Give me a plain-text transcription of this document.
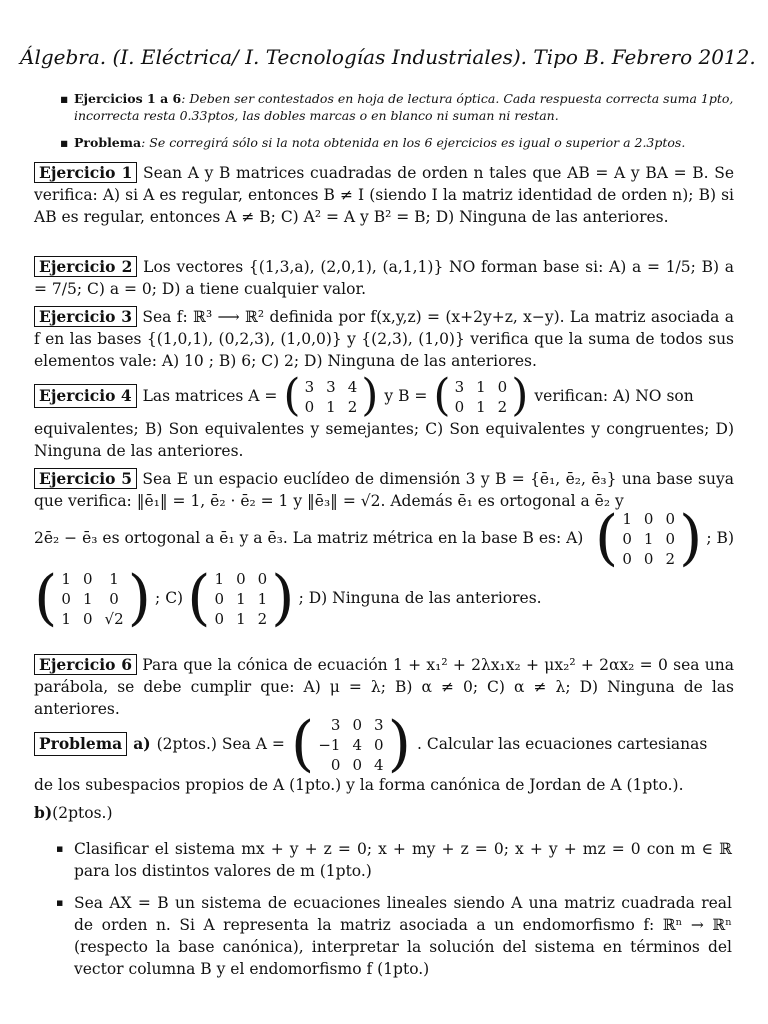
Álgebra. (I. Eléctrica/ I. Tecnologías Industriales). Tipo B. Febrero 2012.
▪ Ejercicios 1 a 6: Deben ser contestados en hoja de lectura óptica. Cada respuesta correcta suma 1pto, incorrecta resta 0.33ptos, las dobles marcas o en blanco ni suman ni restan.
▪ Problema: Se corregirá sólo si la nota obtenida en los 6 ejercicios es igual o superior a 2.3ptos.
Ejercicio 1 Sean A y B matrices cuadradas de orden n tales que AB = A y BA = B. Se verifica: A) si A es regular, entonces B ≠ I (siendo I la matriz identidad de orden n); B) si AB es regular, entonces A ≠ B; C) A² = A y B² = B; D) Ninguna de las anteriores.
Ejercicio 2 Los vectores {(1,3,a), (2,0,1), (a,1,1)} NO forman base si: A) a = 1/5; B) a = 7/5; C) a = 0; D) a tiene cualquier valor.
Ejercicio 3 Sea f: ℝ³ ⟶ ℝ² definida por f(x,y,z) = (x+2y+z, x−y). La matriz asociada a f en las bases {(1,0,1), (0,2,3), (1,0,0)} y {(2,3), (1,0)} verifica que la suma de todos sus elementos vale: A) 10 ; B) 6; C) 2; D) Ninguna de las anteriores.
Ejercicio 4 Las matrices A = ( 3 3 4
0 1 2 ) y B = ( 3 1 0
0 1 2 ) verifican: A) NO son
equivalentes; B) Son equivalentes y semejantes; C) Son equivalentes y congruentes; D) Ninguna de las anteriores.
Ejercicio 5 Sea E un espacio euclídeo de dimensión 3 y B = {ē₁, ē₂, ē₃} una base suya que verifica: ‖ē₁‖ = 1, ē₂ · ē₂ = 1 y ‖ē₃‖ = √2. Además ē₁ es ortogonal a ē₂ y
2ē₂ − ē₃ es ortogonal a ē₁ y a ē₃. La matriz métrica en la base B es: A) ( 1 0 0
0 1 0
0 0 2 ) ; B)
( 1 0	1
0 1	0
1 0 √2 ) ; C) ( 1 0 0
0 1 1
0 1 2 ) ; D) Ninguna de las anteriores.
Ejercicio 6 Para que la cónica de ecuación 1 + x₁² + 2λx₁x₂ + μx₂² + 2αx₂ = 0 sea una parábola, se debe cumplir que: A) μ = λ; B) α ≠ 0; C) α ≠ λ; D) Ninguna de las anteriores.
Problema a) (2ptos.) Sea A = (	3 0 3
−1 4 0
0 0 4 ) . Calcular las ecuaciones cartesianas
de los subespacios propios de A (1pto.) y la forma canónica de Jordan de A (1pto.).
b)(2ptos.)
▪ Clasificar el sistema mx + y + z = 0; x + my + z = 0; x + y + mz = 0 con m ∈ ℝ para los distintos valores de m (1pto.)
▪ Sea AX = B un sistema de ecuaciones lineales siendo A una matriz cuadrada real de orden n. Si A representa la matriz asociada a un endomorfismo f: ℝⁿ → ℝⁿ (respecto la base canónica), interpretar la solución del sistema en términos del vector columna B y el endomorfismo f (1pto.)
